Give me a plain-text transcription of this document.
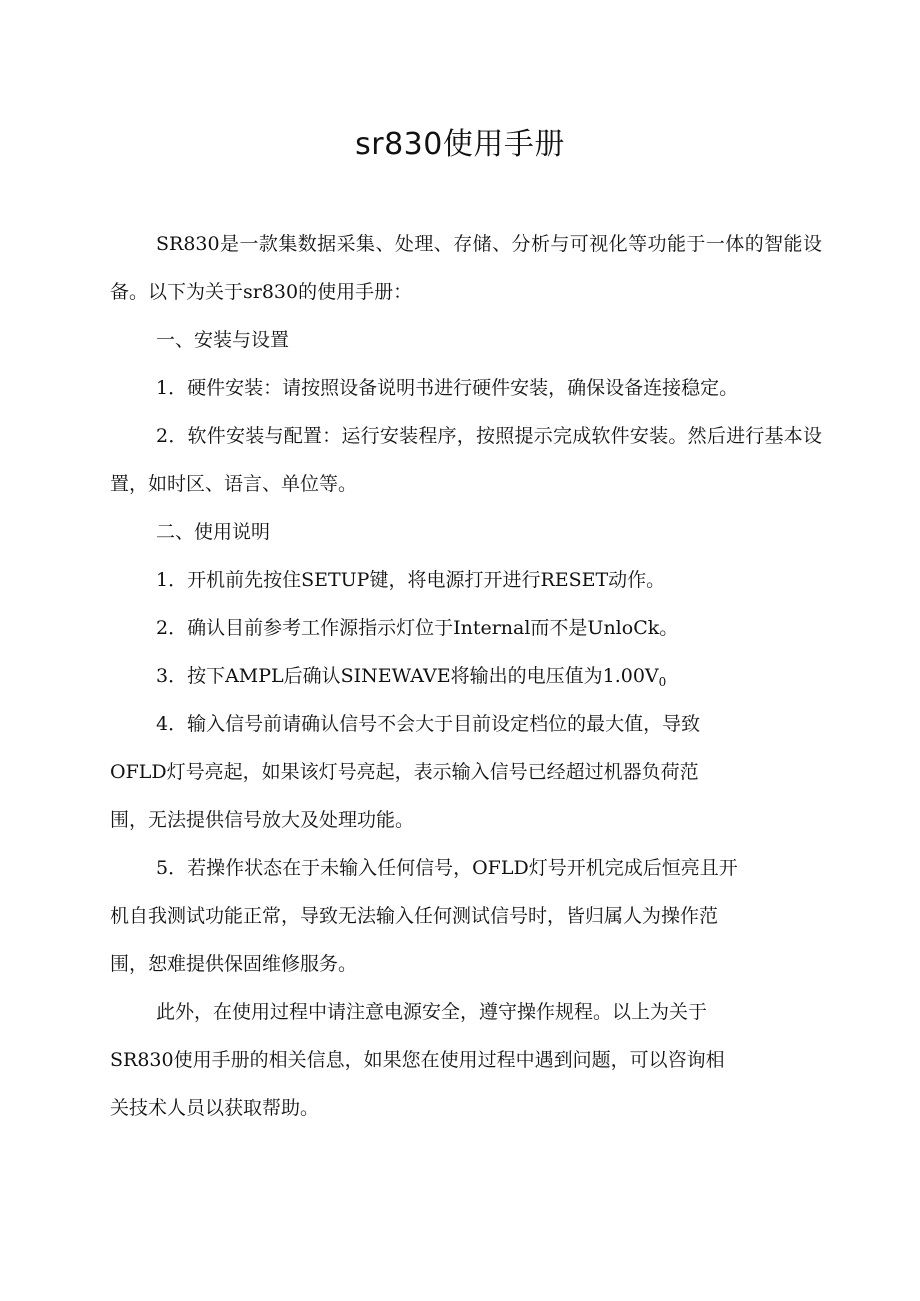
sr830使用手册

SR830是一款集数据采集、处理、存储、分析与可视化等功能于一体的智能设备。以下为关于sr830的使用手册：

一、安装与设置

1．硬件安装：请按照设备说明书进行硬件安装，确保设备连接稳定。

2．软件安装与配置：运行安装程序，按照提示完成软件安装。然后进行基本设置，如时区、语言、单位等。

二、使用说明

1．开机前先按住SETUP键，将电源打开进行RESET动作。

2．确认目前参考工作源指示灯位于Internal而不是UnloCk。

3．按下AMPL后确认SINEWAVE将输出的电压值为$1.00V_0$

4．输入信号前请确认信号不会大于目前设定档位的最大值，导致

OFLD灯号亮起，如果该灯号亮起，表示输入信号已经超过机器负荷范

围，无法提供信号放大及处理功能。

5．若操作状态在于未输入任何信号，OFLD灯号开机完成后恒亮且开

机自我测试功能正常，导致无法输入任何测试信号时，皆归属人为操作范

围，恕难提供保固维修服务。

此外，在使用过程中请注意电源安全，遵守操作规程。以上为关于

SR830使用手册的相关信息，如果您在使用过程中遇到问题，可以咨询相

关技术人员以获取帮助。
